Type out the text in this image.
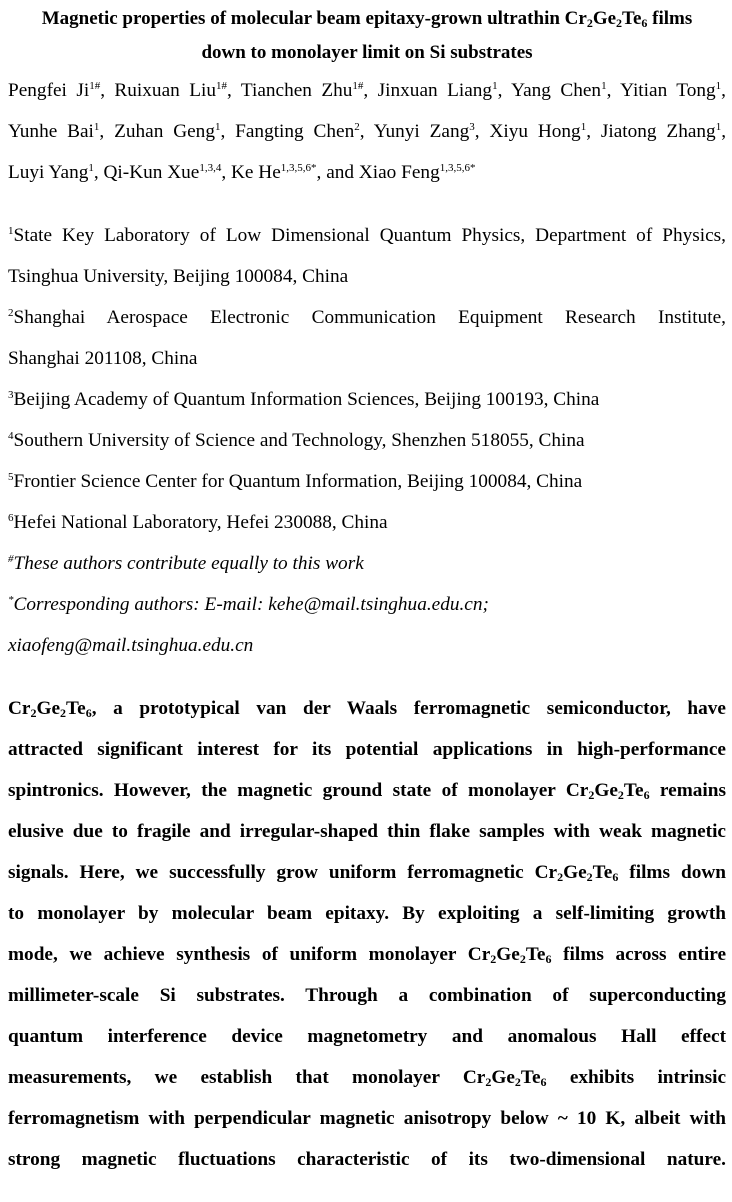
Magnetic properties of molecular beam epitaxy-grown ultrathin $Cr_2Ge_2Te_6$ films
down to monolayer limit on Si substrates
Pengfei $Ji^{1\#}$, Ruixuan Liu$^{1\#}$, Tianchen Zhu$^{1\#}$, Jinxuan Liang$^1$, Yang Chen$^1$, Yitian Tong$^1$,
Yunhe Bai$^1$, Zuhan Geng$^1$, Fangting Chen$^2$, Yunyi Zang$^3$, Xiyu Hong$^1$, Jiatong Zhang$^1$,
Luyi Yang$^1$, Qi-Kun Xue$^{1,3,4}$, Ke $He^{1,3,5,6*}$, and Xiao Feng$^{1,3,5,6*}$
$^1$State Key Laboratory of Low Dimensional Quantum Physics, Department of Physics,
Tsinghua University, Beijing 100084, China
$^2$Shanghai Aerospace Electronic Communication Equipment Research Institute,
Shanghai 201108, China
$^3$Beijing Academy of Quantum Information Sciences, Beijing 100193, China
$^4$Southern University of Science and Technology, Shenzhen 518055, China
$^5$Frontier Science Center for Quantum Information, Beijing 100084, China
$^6$Hefei National Laboratory, Hefei 230088, China
#These authors contribute equally to this work
*Corresponding authors: E-mail: kehe@mail.tsinghua.edu.cn;
xiaofeng@mail.tsinghua.edu.cn
$Cr_2Ge_2Te_6$, a prototypical van der Waals ferromagnetic semiconductor, have
attracted significant interest for its potential applications in high-performance
spintronics. However, the magnetic ground state of monolayer $Cr_2Ge_2Te_6$ remains
elusive due to fragile and irregular-shaped thin flake samples with weak magnetic
signals. Here, we successfully grow uniform ferromagnetic $Cr_2Ge_2Te_6$ films down
to monolayer by molecular beam epitaxy. By exploiting a self-limiting growth
mode, we achieve synthesis of uniform monolayer $Cr_2Ge_2Te_6$ films across entire
millimeter-scale Si substrates. Through a combination of superconducting
quantum interference device magnetometry and anomalous Hall effect
measurements, we establish that monolayer $Cr_2Ge_2Te_6$ exhibits intrinsic
ferromagnetism with perpendicular magnetic anisotropy below ~ 10 K, albeit with
strong magnetic fluctuations characteristic of its two-dimensional nature.
